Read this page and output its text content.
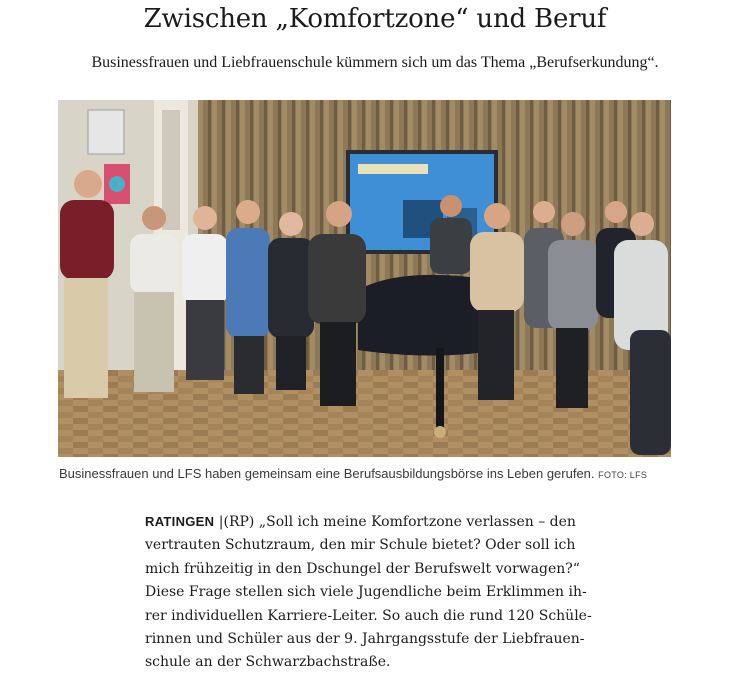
Zwischen „Komfortzone“ und Beruf
Businessfrauen und Liebfrauenschule kümmern sich um das Thema „Berufserkundung“.
Businessfrauen und LFS haben gemeinsam eine Berufsausbildungsbörse ins Leben gerufen. FOTO: LFS
RATINGEN |(RP) „Soll ich meine Komfortzone verlassen – den
vertrauten Schutzraum, den mir Schule bietet? Oder soll ich
mich frühzeitig in den Dschungel der Berufswelt vorwagen?“
Diese Frage stellen sich viele Jugendliche beim Erklimmen ih-
rer individuellen Karriere-Leiter. So auch die rund 120 Schüle-
rinnen und Schüler aus der 9. Jahrgangsstufe der Liebfrauen-
schule an der Schwarzbachstraße.
